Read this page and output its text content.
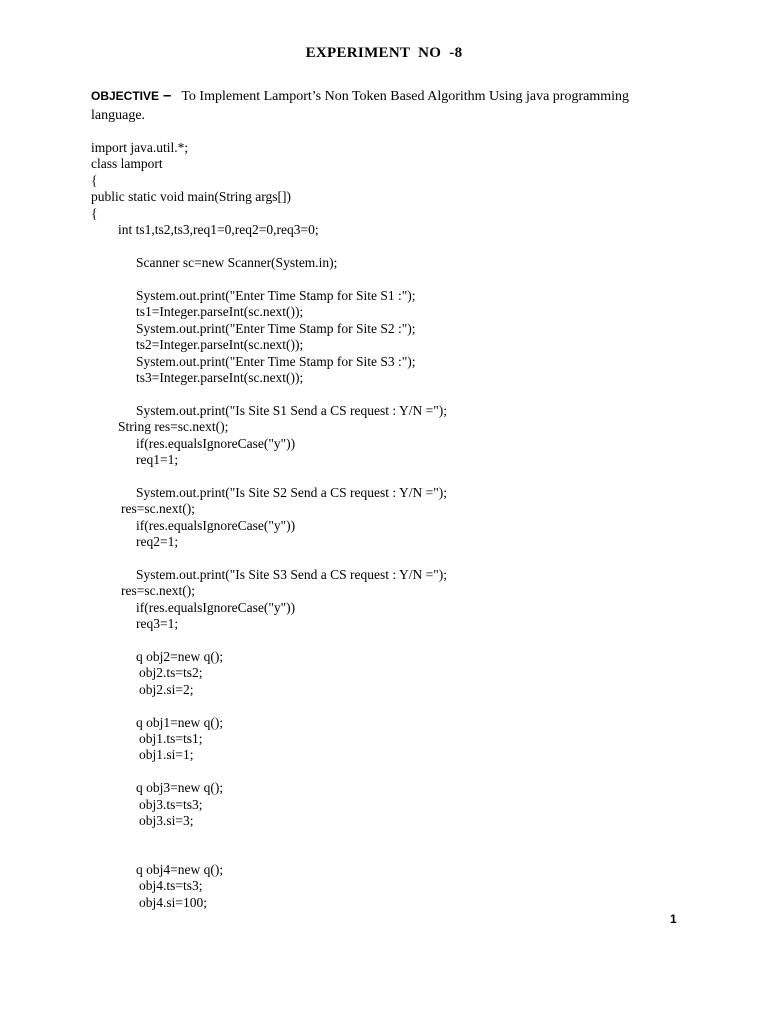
EXPERIMENT  NO  -8
OBJECTIVE – To Implement Lamport’s Non Token Based Algorithm Using java programming language.
import java.util.*;
class lamport
{
public static void main(String args[])
{
int ts1,ts2,ts3,req1=0,req2=0,req3=0;
Scanner sc=new Scanner(System.in);
System.out.print("Enter Time Stamp for Site S1 :");
ts1=Integer.parseInt(sc.next());
System.out.print("Enter Time Stamp for Site S2 :");
ts2=Integer.parseInt(sc.next());
System.out.print("Enter Time Stamp for Site S3 :");
ts3=Integer.parseInt(sc.next());
System.out.print("Is Site S1 Send a CS request : Y/N =");
String res=sc.next();
if(res.equalsIgnoreCase("y"))
req1=1;
System.out.print("Is Site S2 Send a CS request : Y/N =");
res=sc.next();
if(res.equalsIgnoreCase("y"))
req2=1;
System.out.print("Is Site S3 Send a CS request : Y/N =");
res=sc.next();
if(res.equalsIgnoreCase("y"))
req3=1;
q obj2=new q();
obj2.ts=ts2;
obj2.si=2;
q obj1=new q();
obj1.ts=ts1;
obj1.si=1;
q obj3=new q();
obj3.ts=ts3;
obj3.si=3;
q obj4=new q();
obj4.ts=ts3;
obj4.si=100;
1
